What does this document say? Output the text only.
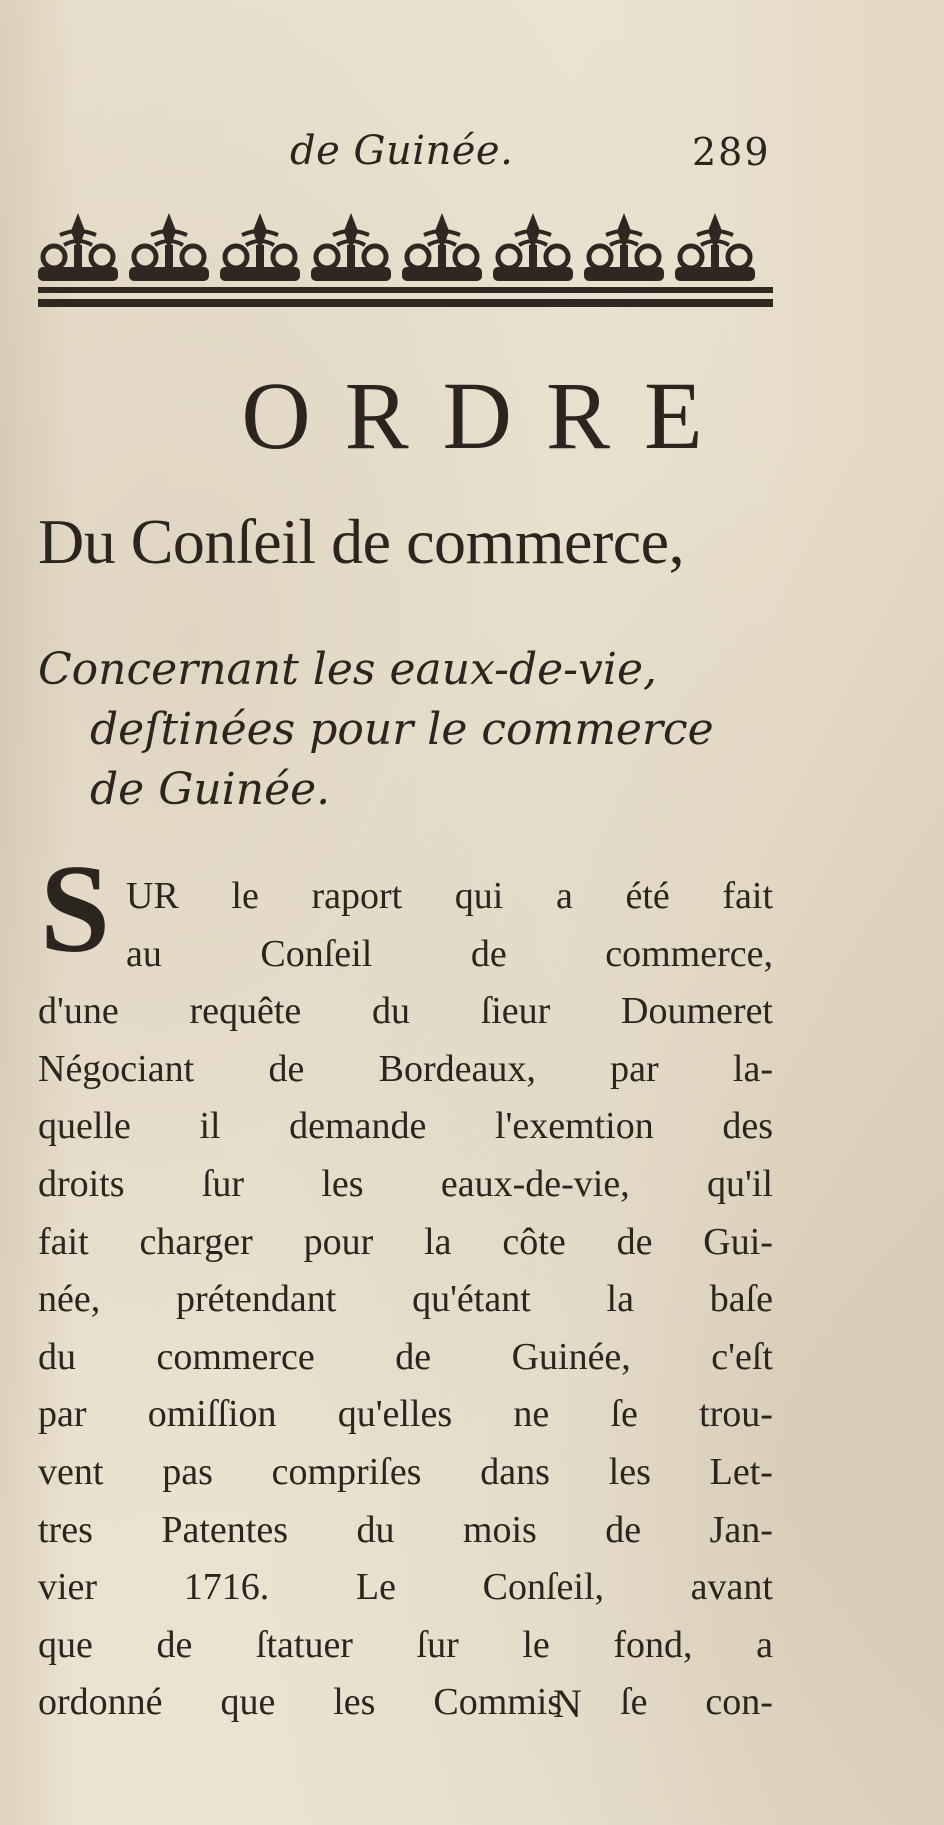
de Guinée.	289
ORDRE
Du Conſeil de commerce,
Concernant les eaux-de-vie,
deſtinées pour le commerce
de Guinée.
S UR le raport qui a été fait
au	Conſeil	de	commerce,
d'une requête du ſieur Doumeret
Négociant de Bordeaux, par la-
quelle il demande l'exemtion des
droits ſur les eaux-de-vie, qu'il
fait charger pour la côte de Gui-
née, prétendant qu'étant la baſe
du commerce de Guinée, c'eſt
par omiſſion qu'elles ne ſe trou-
vent pas compriſes dans les Let-
tres Patentes du mois de Jan-
vier 1716. Le Conſeil, avant
que de ſtatuer ſur le fond, a
ordonné que les Commis ſe con-
N
